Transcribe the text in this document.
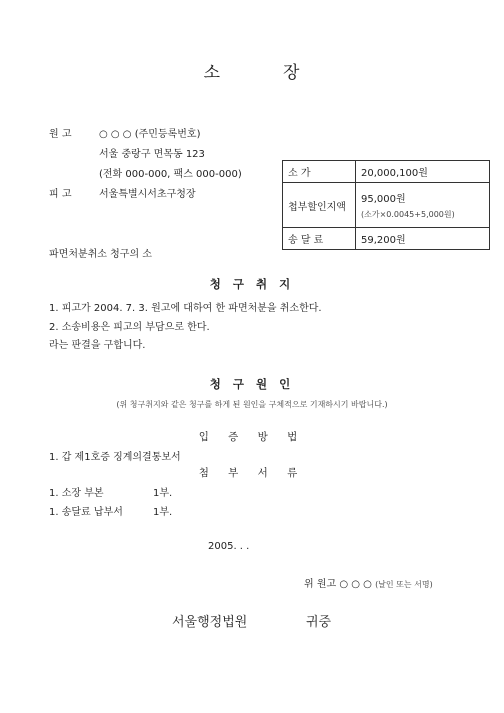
소	장
원 고	○ ○ ○ (주민등록번호)
서울 중랑구 면목동 123
(전화 000-000, 팩스 000-000)
피 고	서울특별시서초구청장
소 가	20,000,100원
첩부할인지액	95,000원
(소가×0.0045+5,000원)

송 달 료	59,200원
파면처분취소 청구의 소
청 구 취 지
1. 피고가 2004. 7. 3. 원고에 대하여 한 파면처분을 취소한다.
2. 소송비용은 피고의 부담으로 한다.
라는 판결을 구합니다.
청 구 원 인
(위 청구취지와 같은 청구를 하게 된 원인을 구체적으로 기재하시기 바랍니다.)
입 증 방 법
1. 갑 제1호증 징계의결통보서
첨 부 서 류
1. 소장 부본	1부.
1. 송달료 납부서	1부.
2005. . .
위 원고 ○ ○ ○ (날인 또는 서명)
서울행정법원	귀중
